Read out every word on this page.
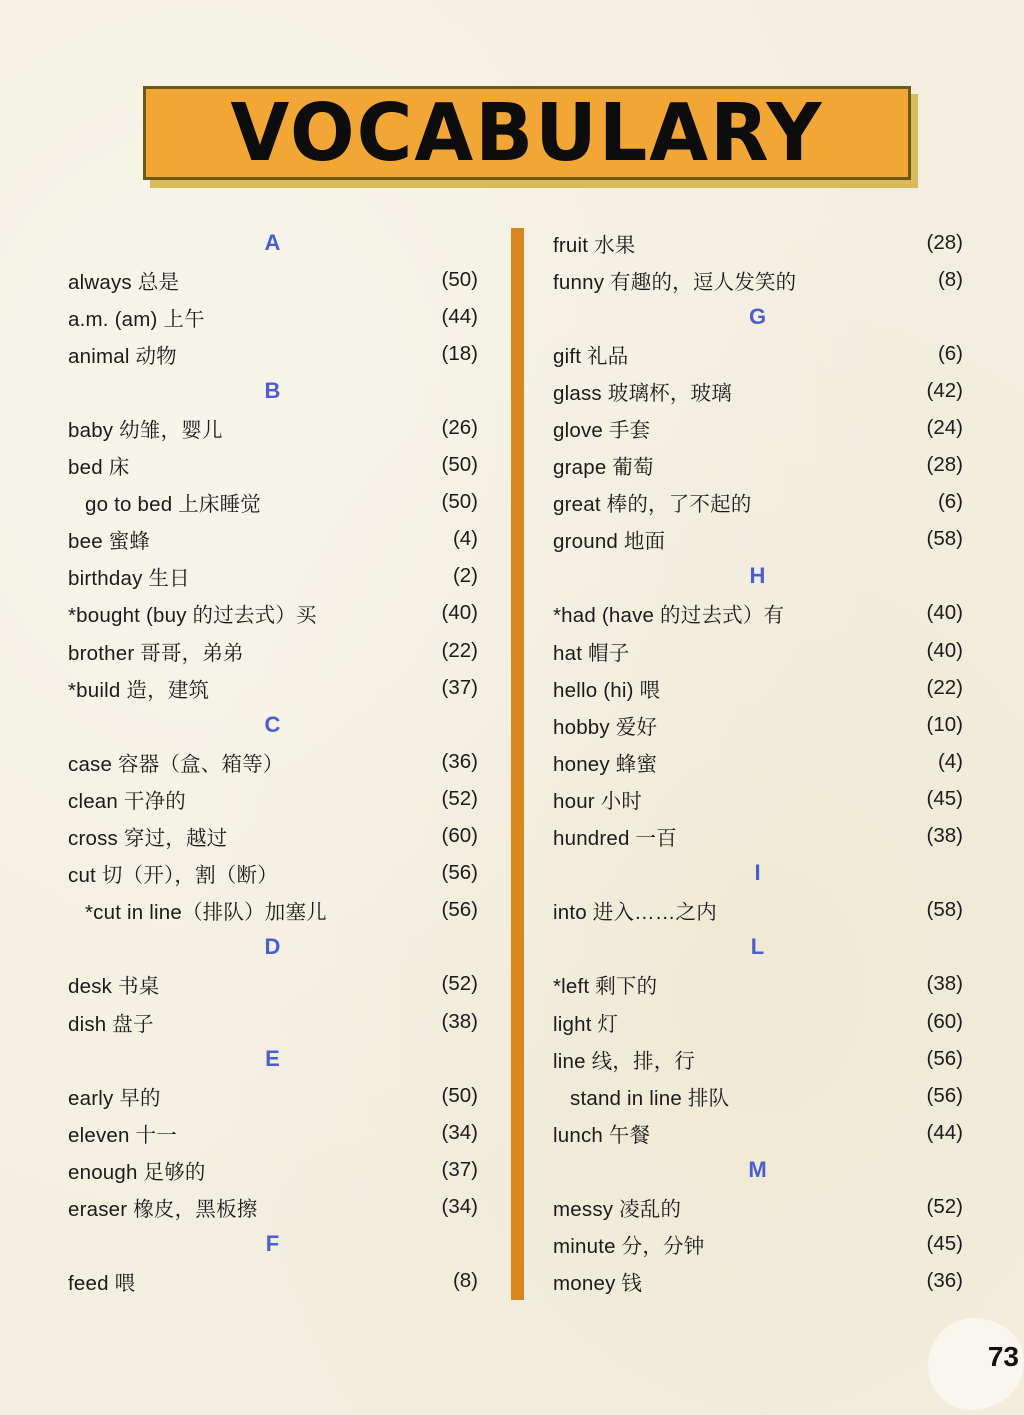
VOCABULARY
A
always 总是	(50)
a.m. (am) 上午	(44)
animal 动物	(18)
B
baby 幼雏，婴儿	(26)
bed 床	(50)
go to bed 上床睡觉	(50)
bee 蜜蜂	(4)
birthday 生日	(2)
*bought (buy 的过去式）买	(40)
brother 哥哥，弟弟	(22)
*build 造，建筑	(37)
C
case 容器（盒、箱等）	(36)
clean 干净的	(52)
cross 穿过，越过	(60)
cut 切（开），割（断）	(56)
*cut in line（排队）加塞儿	(56)
D
desk 书桌	(52)
dish 盘子	(38)
E
early 早的	(50)
eleven 十一	(34)
enough 足够的	(37)
eraser 橡皮，黑板擦	(34)
F
feed 喂	(8)
fruit 水果	(28)
funny 有趣的，逗人发笑的	(8)
G
gift 礼品	(6)
glass 玻璃杯，玻璃	(42)
glove 手套	(24)
grape 葡萄	(28)
great 棒的，了不起的	(6)
ground 地面	(58)
H
*had (have 的过去式）有	(40)
hat 帽子	(40)
hello (hi) 喂	(22)
hobby 爱好	(10)
honey 蜂蜜	(4)
hour 小时	(45)
hundred 一百	(38)
I
into 进入……之内	(58)
L
*left 剩下的	(38)
light 灯	(60)
line 线，排，行	(56)
stand in line 排队	(56)
lunch 午餐	(44)
M
messy 凌乱的	(52)
minute 分，分钟	(45)
money 钱	(36)
73
